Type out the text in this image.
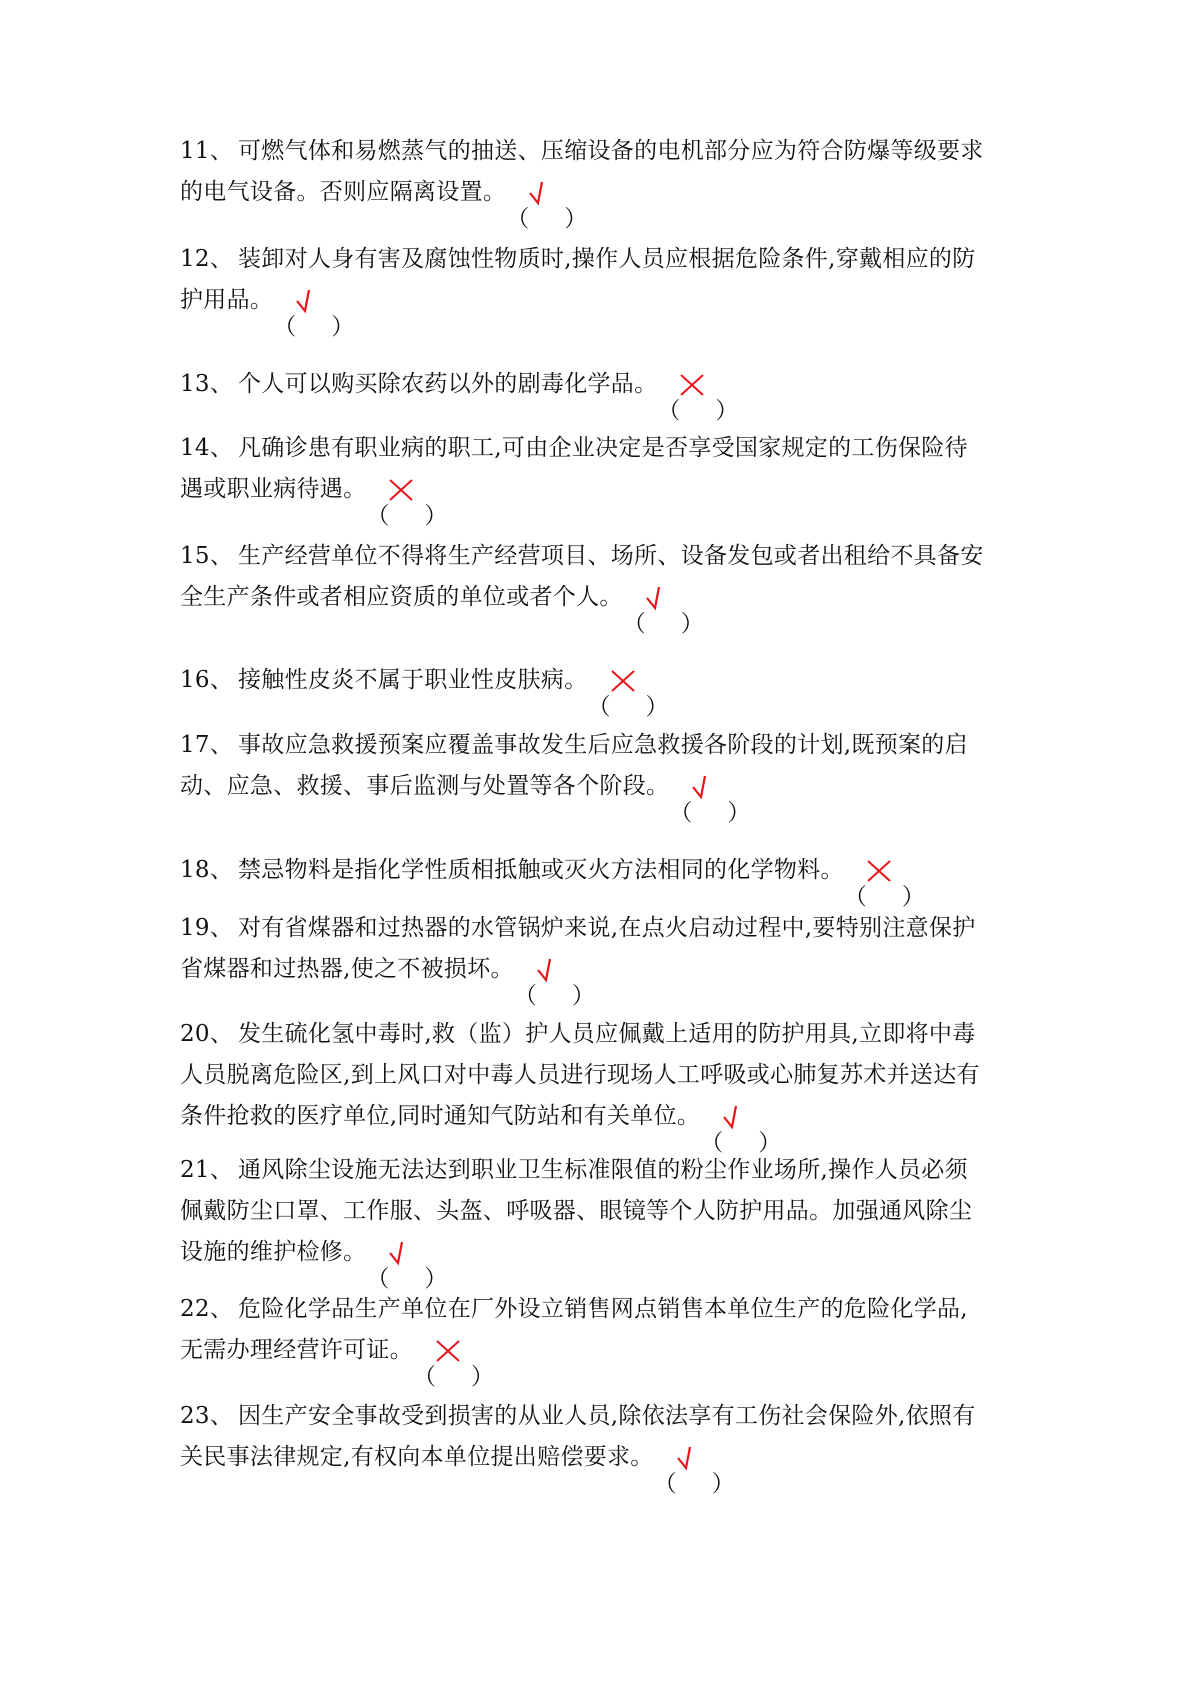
11、 可燃气体和易燃蒸气的抽送、压缩设备的电机部分应为符合防爆等级要求
的电气设备。否则应隔离设置。
（ ）
12、 装卸对人身有害及腐蚀性物质时,操作人员应根据危险条件,穿戴相应的防
护用品。
（ ）
13、 个人可以购买除农药以外的剧毒化学品。
（ ）
14、 凡确诊患有职业病的职工,可由企业决定是否享受国家规定的工伤保险待
遇或职业病待遇。
（ ）
15、 生产经营单位不得将生产经营项目、场所、设备发包或者出租给不具备安
全生产条件或者相应资质的单位或者个人。
（ ）
16、 接触性皮炎不属于职业性皮肤病。
（ ）
17、 事故应急救援预案应覆盖事故发生后应急救援各阶段的计划,既预案的启
动、应急、救援、事后监测与处置等各个阶段。
（ ）
18、 禁忌物料是指化学性质相抵触或灭火方法相同的化学物料。
（ ）
19、 对有省煤器和过热器的水管锅炉来说,在点火启动过程中,要特别注意保护
省煤器和过热器,使之不被损坏。
（ ）
20、 发生硫化氢中毒时,救（监）护人员应佩戴上适用的防护用具,立即将中毒
人员脱离危险区,到上风口对中毒人员进行现场人工呼吸或心肺复苏术并送达有
条件抢救的医疗单位,同时通知气防站和有关单位。
（ ）
21、 通风除尘设施无法达到职业卫生标准限值的粉尘作业场所,操作人员必须
佩戴防尘口罩、工作服、头盔、呼吸器、眼镜等个人防护用品。加强通风除尘
设施的维护检修。
（ ）
22、 危险化学品生产单位在厂外设立销售网点销售本单位生产的危险化学品,
无需办理经营许可证。
（ ）
23、 因生产安全事故受到损害的从业人员,除依法享有工伤社会保险外,依照有
关民事法律规定,有权向本单位提出赔偿要求。
（ ）
